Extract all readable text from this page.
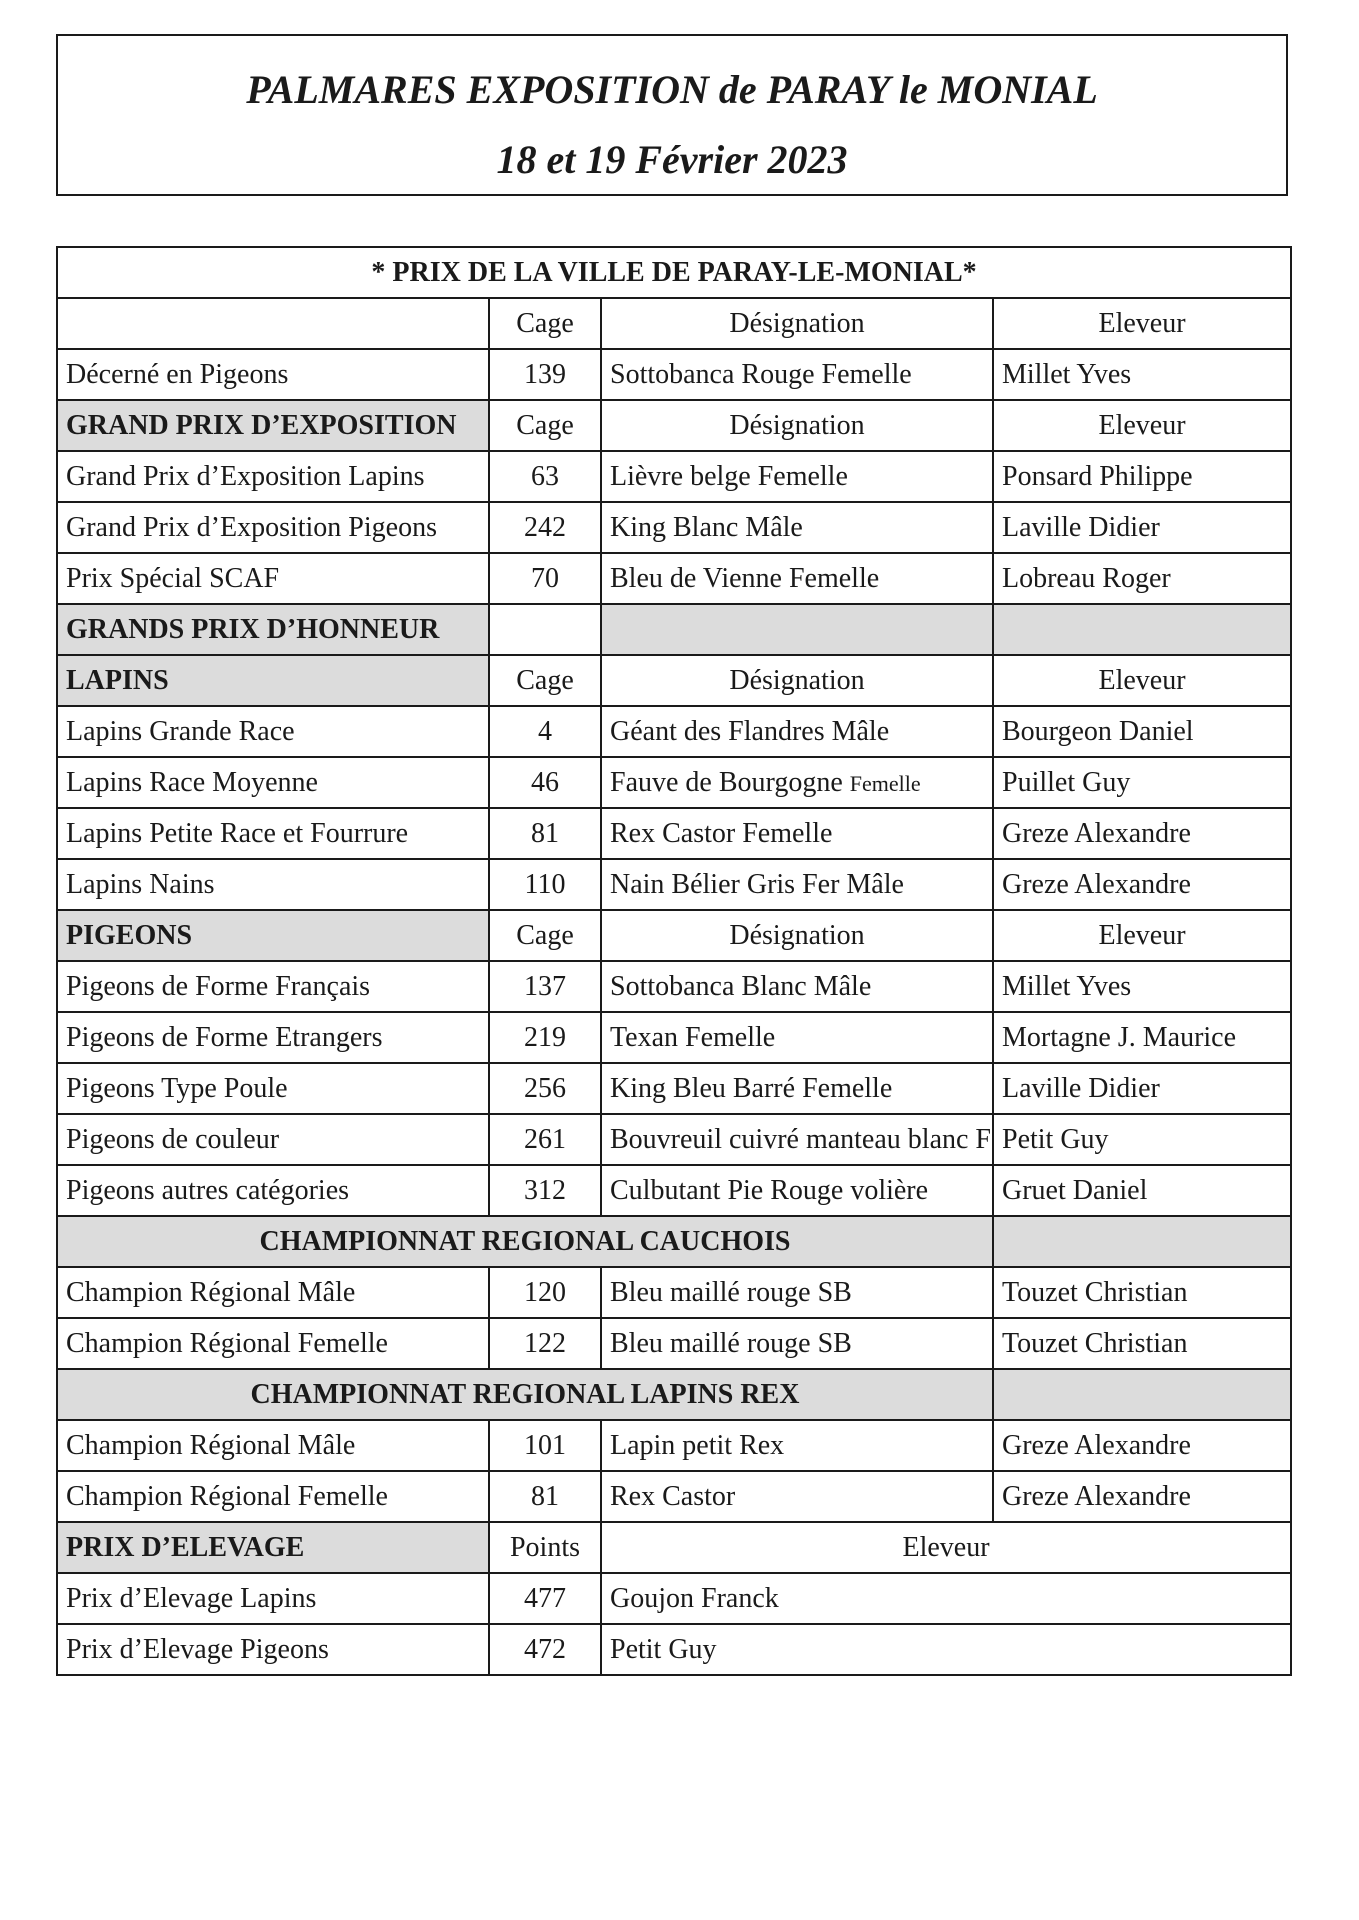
PALMARES EXPOSITION de PARAY le MONIAL
18 et 19 Février 2023
* PRIX DE LA VILLE DE PARAY-LE-MONIAL*			
	Cage	Désignation	Eleveur
Décerné en Pigeons	139	Sottobanca Rouge Femelle	Millet Yves
GRAND PRIX D’EXPOSITION	Cage	Désignation	Eleveur
Grand Prix d’Exposition Lapins	63	Lièvre belge Femelle	Ponsard Philippe
Grand Prix d’Exposition Pigeons	242	King Blanc Mâle	Laville Didier
Prix Spécial SCAF	70	Bleu de Vienne Femelle	Lobreau Roger
GRANDS PRIX D’HONNEUR			
LAPINS	Cage	Désignation	Eleveur
Lapins Grande Race	4	Géant des Flandres Mâle	Bourgeon Daniel
Lapins Race Moyenne	46	Fauve de Bourgogne Femelle	Puillet Guy
Lapins Petite Race et Fourrure	81	Rex Castor Femelle	Greze Alexandre
Lapins Nains	110	Nain Bélier Gris Fer Mâle	Greze Alexandre
PIGEONS	Cage	Désignation	Eleveur
Pigeons de Forme Français	137	Sottobanca Blanc Mâle	Millet Yves
Pigeons de Forme Etrangers	219	Texan Femelle	Mortagne J. Maurice
Pigeons Type Poule	256	King Bleu Barré Femelle	Laville Didier
Pigeons de couleur	261	Bouvreuil cuivré manteau blanc F	Petit Guy
Pigeons autres catégories	312	Culbutant Pie Rouge volière	Gruet Daniel
CHAMPIONNAT REGIONAL CAUCHOIS			
Champion Régional Mâle	120	Bleu maillé rouge SB	Touzet Christian
Champion Régional Femelle	122	Bleu maillé rouge SB	Touzet Christian
CHAMPIONNAT REGIONAL LAPINS REX			
Champion Régional Mâle	101	Lapin petit Rex	Greze Alexandre
Champion Régional Femelle	81	Rex Castor	Greze Alexandre
PRIX D’ELEVAGE	Points	Eleveur	
Prix d’Elevage Lapins	477	Goujon Franck	
Prix d’Elevage Pigeons	472	Petit Guy	
